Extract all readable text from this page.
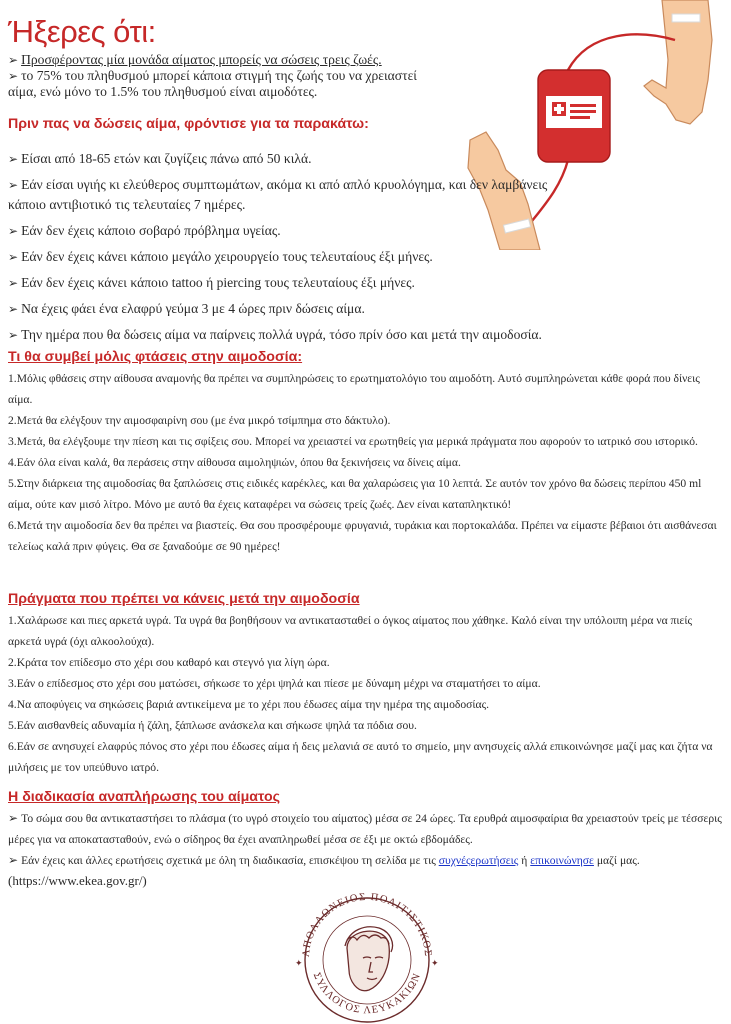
Ήξερες ότι:

➢ Προσφέροντας μία μονάδα αίματος μπορείς να σώσεις τρεις ζωές.

➢ το 75% του πληθυσμού μπορεί κάποια στιγμή της ζωής του να χρειαστεί αίμα, ενώ μόνο το 1.5% του πληθυσμού είναι αιμοδότες.

Πριν πας να δώσεις αίμα, φρόντισε για τα παρακάτω:

➢ Είσαι από 18-65 ετών και ζυγίζεις πάνω από 50 κιλά.

➢ Εάν είσαι υγιής κι ελεύθερος συμπτωμάτων, ακόμα κι από απλό κρυολόγημα, και δεν λαμβάνεις κάποιο αντιβιοτικό τις τελευταίες 7 ημέρες.

➢ Εάν δεν έχεις κάποιο σοβαρό πρόβλημα υγείας.

➢ Εάν δεν έχεις κάνει κάποιο μεγάλο χειρουργείο τους τελευταίους έξι μήνες.

➢ Εάν δεν έχεις κάνει κάποιο tattoo ή piercing τους τελευταίους έξι μήνες.

➢ Να έχεις φάει ένα ελαφρύ γεύμα 3 με 4 ώρες πριν δώσεις αίμα.

➢ Την ημέρα που θα δώσεις αίμα να παίρνεις πολλά υγρά, τόσο πρίν όσο και μετά την αιμοδοσία.

Τι θα συμβεί μόλις φτάσεις στην αιμοδοσία:

1.Μόλις φθάσεις στην αίθουσα αναμονής θα πρέπει να συμπληρώσεις το ερωτηματολόγιο του αιμοδότη. Αυτό συμπληρώνεται κάθε φορά που δίνεις αίμα.

2.Μετά θα ελέγξουν την αιμοσφαιρίνη σου (με ένα μικρό τσίμπημα στο δάκτυλο).

3.Μετά, θα ελέγξουμε την πίεση και τις σφίξεις σου. Μπορεί να χρειαστεί να ερωτηθείς για μερικά πράγματα που αφορούν το ιατρικό σου ιστορικό.

4.Εάν όλα είναι καλά, θα περάσεις στην αίθουσα αιμοληψιών, όπου θα ξεκινήσεις να δίνεις αίμα.

5.Στην διάρκεια της αιμοδοσίας θα ξαπλώσεις στις ειδικές καρέκλες, και θα χαλαρώσεις για 10 λεπτά. Σε αυτόν τον χρόνο θα δώσεις περίπου 450 ml αίμα, ούτε καν μισό λίτρο. Μόνο με αυτό θα έχεις καταφέρει να σώσεις τρείς ζωές. Δεν είναι καταπληκτικό!

6.Μετά την αιμοδοσία δεν θα πρέπει να βιαστείς. Θα σου προσφέρουμε φρυγανιά, τυράκια και πορτοκαλάδα. Πρέπει να είμαστε βέβαιοι ότι αισθάνεσαι τελείως καλά πριν φύγεις. Θα σε ξαναδούμε σε 90 ημέρες!

Πράγματα που πρέπει να κάνεις μετά την αιμοδοσία

1.Χαλάρωσε και πιες αρκετά υγρά. Τα υγρά θα βοηθήσουν να αντικατασταθεί ο όγκος αίματος που χάθηκε. Καλό είναι την υπόλοιπη μέρα να πιείς αρκετά υγρά (όχι αλκοολούχα).

2.Κράτα τον επίδεσμο στο χέρι σου καθαρό και στεγνό για λίγη ώρα.

3.Εάν ο επίδεσμος στο χέρι σου ματώσει, σήκωσε το χέρι ψηλά και πίεσε με δύναμη μέχρι να σταματήσει το αίμα.

4.Να αποφύγεις να σηκώσεις βαριά αντικείμενα με το χέρι που έδωσες αίμα την ημέρα της αιμοδοσίας.

5.Εάν αισθανθείς αδυναμία ή ζάλη, ξάπλωσε ανάσκελα και σήκωσε ψηλά τα πόδια σου.

6.Εάν σε ανησυχεί ελαφρύς πόνος στο χέρι που έδωσες αίμα ή δεις μελανιά σε αυτό το σημείο, μην ανησυχείς αλλά επικοινώνησε μαζί μας και ζήτα να μιλήσεις με τον υπεύθυνο ιατρό.

Η διαδικασία αναπλήρωσης του αίματος

➢ Το σώμα σου θα αντικαταστήσει το πλάσμα (το υγρό στοιχείο του αίματος) μέσα σε 24 ώρες. Τα ερυθρά αιμοσφαίρια θα χρειαστούν τρείς με τέσσερις μέρες για να αποκατασταθούν, ενώ ο σίδηρος θα έχει αναπληρωθεί μέσα σε έξι με οκτώ εβδομάδες.

➢ Εάν έχεις και άλλες ερωτήσεις σχετικά με όλη τη διαδικασία, επισκέψου τη σελίδα με τις συχνέςερωτήσεις ή επικοινώνησε μαζί μας.

(https://www.ekea.gov.gr/)
ΑΠΟΛΛΩΝΕΙΟΣ ΠΟΛΙΤΙΣΤΙΚΟΣ
ΣΥΛΛΟΓΟΣ ΛΕΥΚΑΚΙΩΝ
✦	✦
